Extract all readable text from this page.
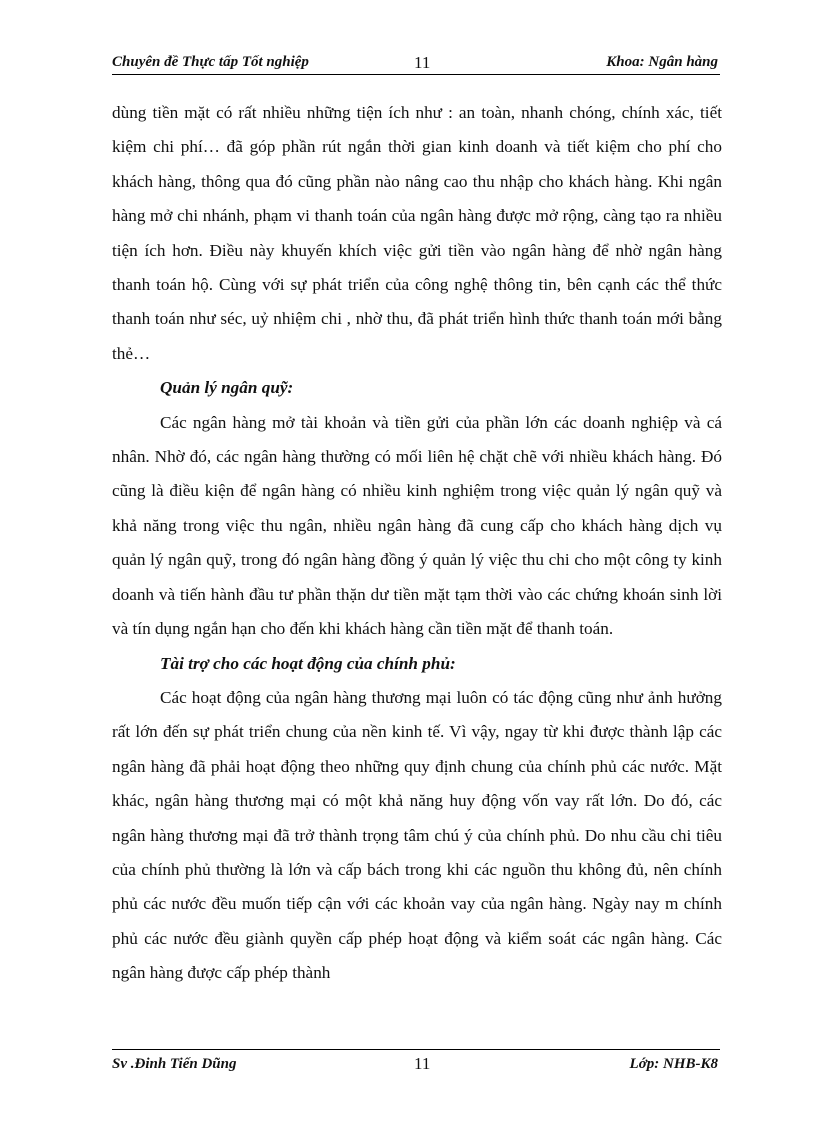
Chuyên đề Thực tấp Tốt nghiệp	11	Khoa: Ngân hàng

dùng tiền mặt có rất nhiều những tiện ích như : an toàn, nhanh chóng, chính xác, tiết kiệm chi phí… đã góp phần rút ngắn thời gian kinh doanh và tiết kiệm cho phí cho khách hàng, thông qua đó cũng phần nào nâng cao thu nhập cho khách hàng. Khi ngân hàng mở chi nhánh, phạm vi thanh toán của ngân hàng được mở rộng, càng tạo ra nhiều tiện ích hơn. Điều này khuyến khích việc gửi tiền vào ngân hàng để nhờ ngân hàng thanh toán hộ. Cùng với sự phát triển của công nghệ thông tin, bên cạnh các thể thức thanh toán như séc, uỷ nhiệm chi , nhờ thu, đã phát triển hình thức thanh toán mới bằng thẻ…

Quản lý ngân quỹ:

Các ngân hàng mở tài khoản và tiền gửi của phần lớn các doanh nghiệp và cá nhân. Nhờ đó, các ngân hàng thường có mối liên hệ chặt chẽ với nhiều khách hàng. Đó cũng là điều kiện để ngân hàng có nhiều kinh nghiệm trong việc quản lý ngân quỹ và khả năng trong việc thu ngân, nhiều ngân hàng đã cung cấp cho khách hàng dịch vụ quản lý ngân quỹ, trong đó ngân hàng đồng ý quản lý việc thu chi cho một công ty kinh doanh và tiến hành đầu tư phần thặn dư tiền mặt tạm thời vào các chứng khoán sinh lời và tín dụng ngắn hạn cho đến khi khách hàng cần tiền mặt để thanh toán.

Tài trợ cho các hoạt động của chính phủ:

Các hoạt động của ngân hàng thương mại luôn có tác động cũng như ảnh hưởng rất lớn đến sự phát triển chung của nền kinh tế. Vì vậy, ngay từ khi được thành lập các ngân hàng đã phải hoạt động theo những quy định chung của chính phủ các nước. Mặt khác, ngân hàng thương mại có một khả năng huy động vốn vay rất lớn. Do đó, các ngân hàng thương mại đã trở thành trọng tâm chú ý của chính phủ. Do nhu cầu chi tiêu của chính phủ thường là lớn và cấp bách trong khi các nguồn thu không đủ, nên chính phủ các nước đều muốn tiếp cận với các khoản vay của ngân hàng. Ngày nay m chính phủ các nước đều giành quyền cấp phép hoạt động và kiểm soát các ngân hàng. Các ngân hàng được cấp phép thành

Sv .Đinh Tiến Dũng	11	Lớp: NHB-K8
